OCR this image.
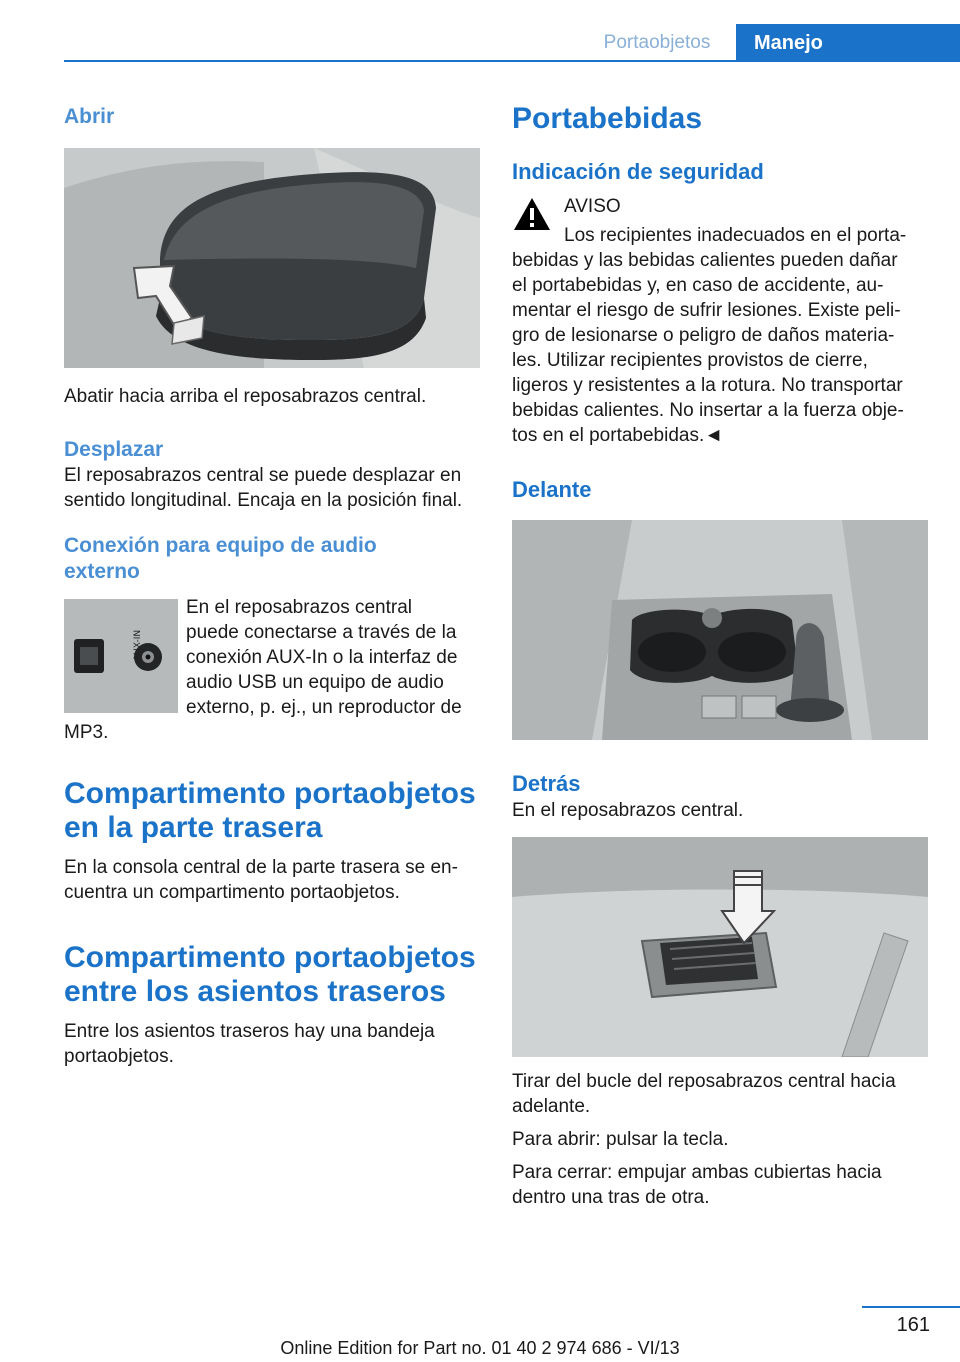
Portaobjetos	Manejo
Abrir

Abatir hacia arriba el reposabrazos central.

Desplazar

El reposabrazos central se puede desplazar en sentido longitudinal. Encaja en la posición final.

Conexión para equipo de audio
externo
AUX-IN

En el reposabrazos central

puede conectarse a través de la

conexión AUX-In o la interfaz de

audio USB un equipo de audio

externo, p. ej., un reproductor de

MP3.

Compartimento portaobjetos
en la parte trasera

En la consola central de la parte trasera se en‐

cuentra un compartimento portaobjetos.

Compartimento portaobjetos
entre los asientos traseros

Entre los asientos traseros hay una bandeja

portaobjetos.

Portabebidas
Indicación de seguridad

AVISO

Los recipientes inadecuados en el porta‐

bebidas y las bebidas calientes pueden dañar

el portabebidas y, en caso de accidente, au‐

mentar el riesgo de sufrir lesiones. Existe peli‐

gro de lesionarse o peligro de daños materia‐

les. Utilizar recipientes provistos de cierre,

ligeros y resistentes a la rotura. No transportar

bebidas calientes. No insertar a la fuerza obje‐

tos en el portabebidas.◄

Delante
Detrás

En el reposabrazos central.

Tirar del bucle del reposabrazos central hacia

adelante.

Para abrir: pulsar la tecla.

Para cerrar: empujar ambas cubiertas hacia

dentro una tras de otra.

161
Online Edition for Part no. 01 40 2 974 686 - VI/13
